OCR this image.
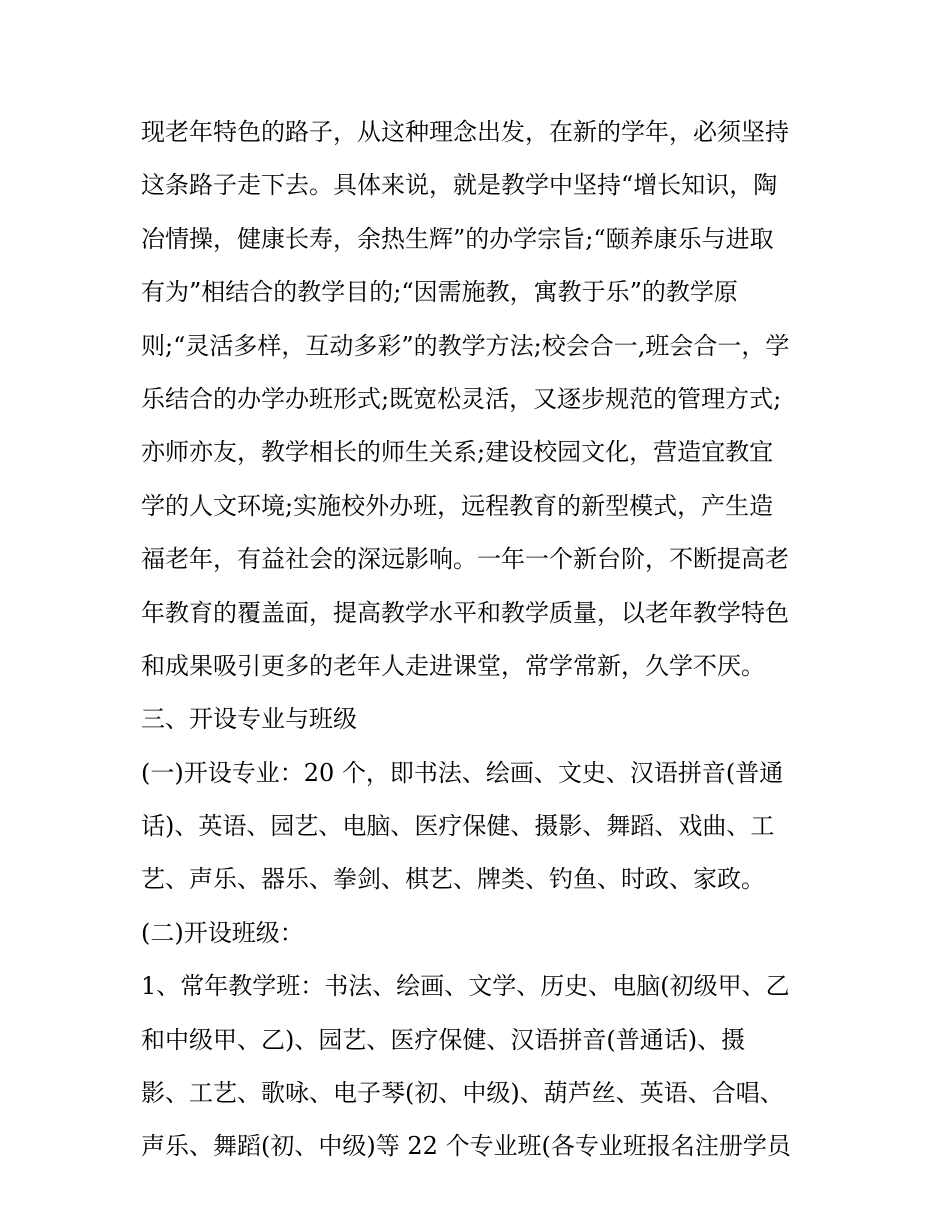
现老年特色的路子，从这种理念出发，在新的学年，必须坚持
这条路子走下去。具体来说，就是教学中坚持“增长知识，陶
冶情操，健康长寿，余热生辉”的办学宗旨;“颐养康乐与进取
有为”相结合的教学目的;“因需施教，寓教于乐”的教学原
则;“灵活多样，互动多彩”的教学方法;校会合一,班会合一，学
乐结合的办学办班形式;既宽松灵活，又逐步规范的管理方式;
亦师亦友，教学相长的师生关系;建设校园文化，营造宜教宜
学的人文环境;实施校外办班，远程教育的新型模式，产生造
福老年，有益社会的深远影响。一年一个新台阶，不断提高老
年教育的覆盖面，提高教学水平和教学质量，以老年教学特色
和成果吸引更多的老年人走进课堂，常学常新，久学不厌。
三、开设专业与班级
(一)开设专业：20 个，即书法、绘画、文史、汉语拼音(普通
话)、英语、园艺、电脑、医疗保健、摄影、舞蹈、戏曲、工
艺、声乐、器乐、拳剑、棋艺、牌类、钓鱼、时政、家政。
(二)开设班级：
1、常年教学班：书法、绘画、文学、历史、电脑(初级甲、乙
和中级甲、乙)、园艺、医疗保健、汉语拼音(普通话)、摄
影、工艺、歌咏、电子琴(初、中级)、葫芦丝、英语、合唱、
声乐、舞蹈(初、中级)等 22 个专业班(各专业班报名注册学员
